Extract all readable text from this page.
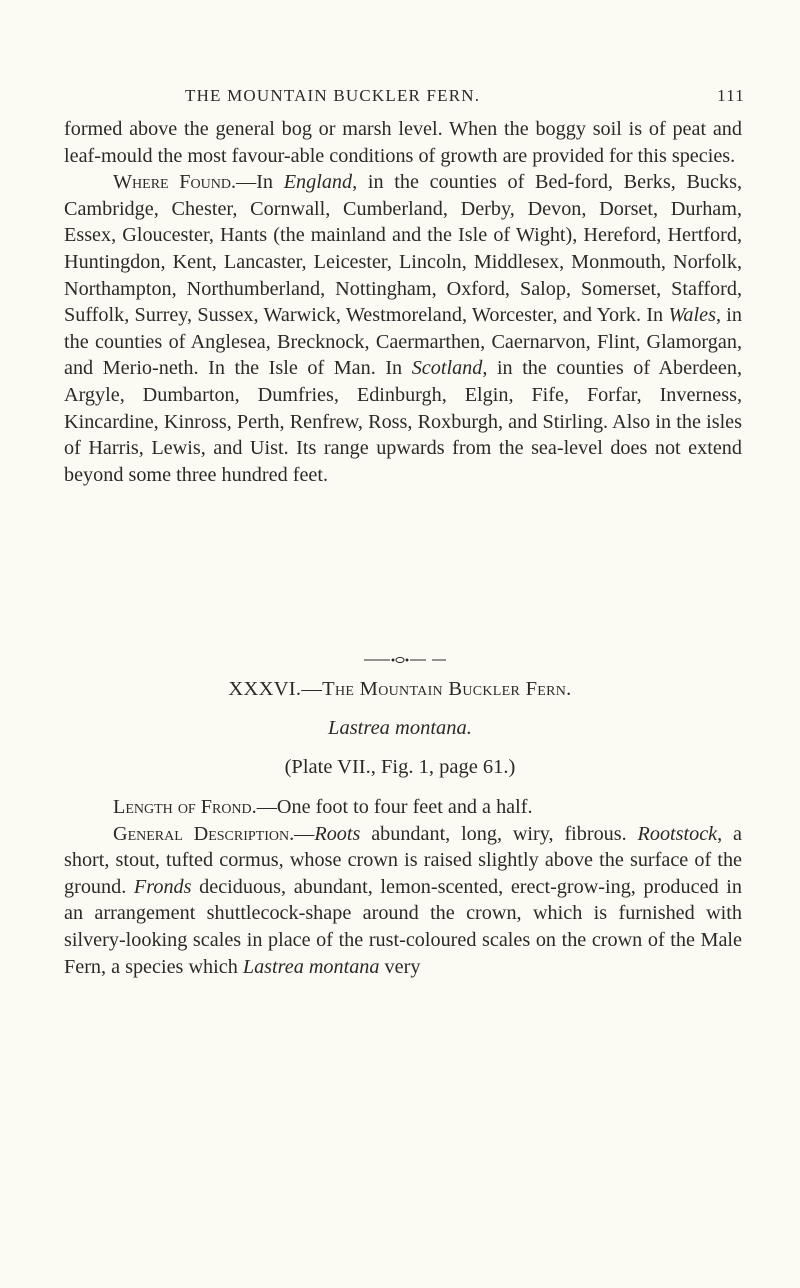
THE MOUNTAIN BUCKLER FERN.	111

formed above the general bog or marsh level. When the boggy soil is of peat and leaf-mould the most favour-able conditions of growth are provided for this species.

Where Found.—In England, in the counties of Bed-ford, Berks, Bucks, Cambridge, Chester, Cornwall, Cumberland, Derby, Devon, Dorset, Durham, Essex, Gloucester, Hants (the mainland and the Isle of Wight), Hereford, Hertford, Huntingdon, Kent, Lancaster, Leicester, Lincoln, Middlesex, Monmouth, Norfolk, Northampton, Northumberland, Nottingham, Oxford, Salop, Somerset, Stafford, Suffolk, Surrey, Sussex, Warwick, Westmoreland, Worcester, and York. In Wales, in the counties of Anglesea, Brecknock, Caermarthen, Caernarvon, Flint, Glamorgan, and Merio-neth. In the Isle of Man. In Scotland, in the counties of Aberdeen, Argyle, Dumbarton, Dumfries, Edinburgh, Elgin, Fife, Forfar, Inverness, Kincardine, Kinross, Perth, Renfrew, Ross, Roxburgh, and Stirling. Also in the isles of Harris, Lewis, and Uist. Its range upwards from the sea-level does not extend beyond some three hundred feet.

XXXVI.—The Mountain Buckler Fern.
Lastrea montana.
(Plate VII., Fig. 1, page 61.)

Length of Frond.—One foot to four feet and a half.

General Description.—Roots abundant, long, wiry, fibrous. Rootstock, a short, stout, tufted cormus, whose crown is raised slightly above the surface of the ground. Fronds deciduous, abundant, lemon-scented, erect-grow-ing, produced in an arrangement shuttlecock-shape around the crown, which is furnished with silvery-looking scales in place of the rust-coloured scales on the crown of the Male Fern, a species which Lastrea montana very
